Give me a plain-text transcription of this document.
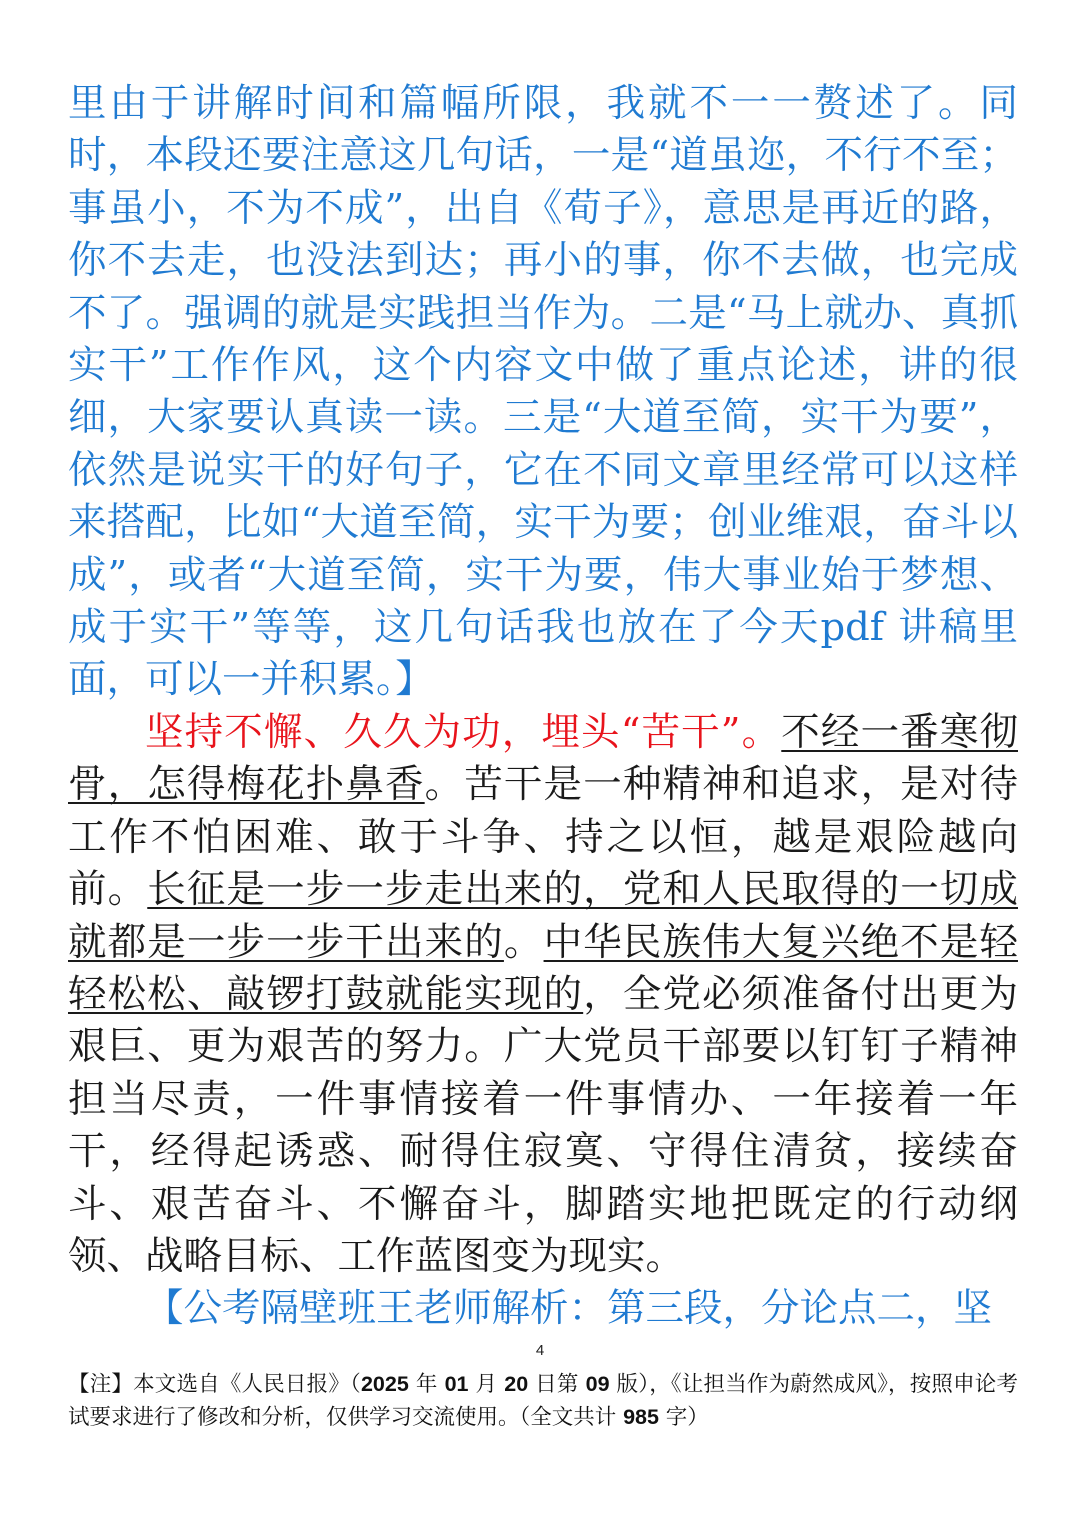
里由于讲解时间和篇幅所限，我就不一一赘述了。同时，本段还要注意这几句话，一是“道虽迩，不行不至；事虽小，不为不成”，出自《荀子》，意思是再近的路，你不去走，也没法到达；再小的事，你不去做，也完成不了。强调的就是实践担当作为。二是“马上就办、真抓实干”工作作风，这个内容文中做了重点论述，讲的很细，大家要认真读一读。三是“大道至简，实干为要”，依然是说实干的好句子，它在不同文章里经常可以这样来搭配，比如“大道至简，实干为要；创业维艰，奋斗以成”，或者“大道至简，实干为要，伟大事业始于梦想、成于实干”等等，这几句话我也放在了今天pdf 讲稿里面，可以一并积累。】

坚持不懈、久久为功，埋头“苦干”。不经一番寒彻骨，怎得梅花扑鼻香。苦干是一种精神和追求，是对待工作不怕困难、敢于斗争、持之以恒，越是艰险越向前。长征是一步一步走出来的，党和人民取得的一切成就都是一步一步干出来的。中华民族伟大复兴绝不是轻轻松松、敲锣打鼓就能实现的，全党必须准备付出更为艰巨、更为艰苦的努力。广大党员干部要以钉钉子精神担当尽责，一件事情接着一件事情办、一年接着一年干，经得起诱惑、耐得住寂寞、守得住清贫，接续奋斗、艰苦奋斗、不懈奋斗，脚踏实地把既定的行动纲领、战略目标、工作蓝图变为现实。

【公考隔壁班王老师解析：第三段，分论点二，坚

4
【注】本文选自《人民日报》（2025 年 01 月 20 日第 09 版），《让担当作为蔚然成风》，按照申论考试要求进行了修改和分析，仅供学习交流使用。（全文共计 985 字）
